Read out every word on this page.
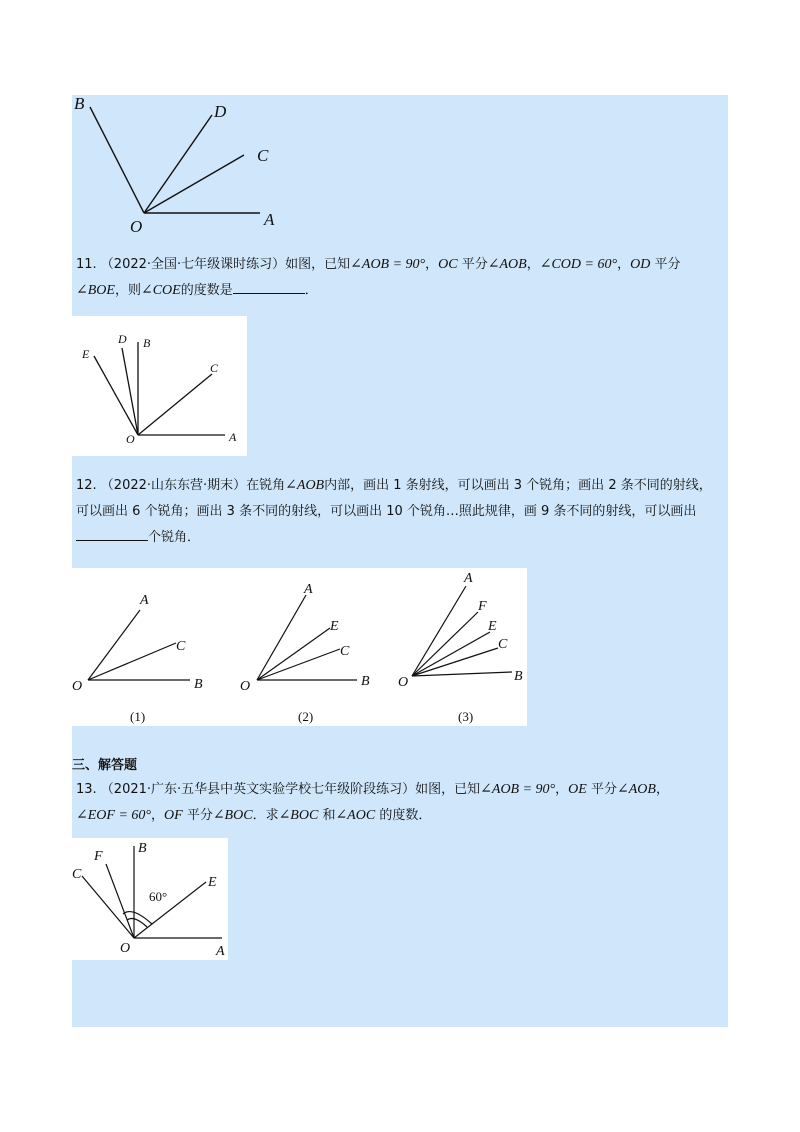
B	D
C
O	A
11. （2022·全国·七年级课时练习）如图，已知∠AOB = 90°，OC 平分∠AOB，∠COD = 60°，OD 平分
∠BOE，则∠COE的度数是	．
E
D B
C
O	A
12. （2022·山东东营·期末）在锐角∠AOB内部，画出 1 条射线，可以画出 3 个锐角；画出 2 条不同的射线，
可以画出 6 个锐角；画出 3 条不同的射线，可以画出 10 个锐角…照此规律，画 9 条不同的射线，可以画出
个锐角．
A
C
O	B
(1)
A
E
C
O	B
(2)
A
F
E
C
O	B
(3)
三、解答题
13. （2021·广东·五华县中英文实验学校七年级阶段练习）如图，已知∠AOB = 90°，OE 平分∠AOB，
∠EOF = 60°，OF 平分∠BOC．求∠BOC 和∠AOC 的度数．
C
F
B
E
O	A
60°
